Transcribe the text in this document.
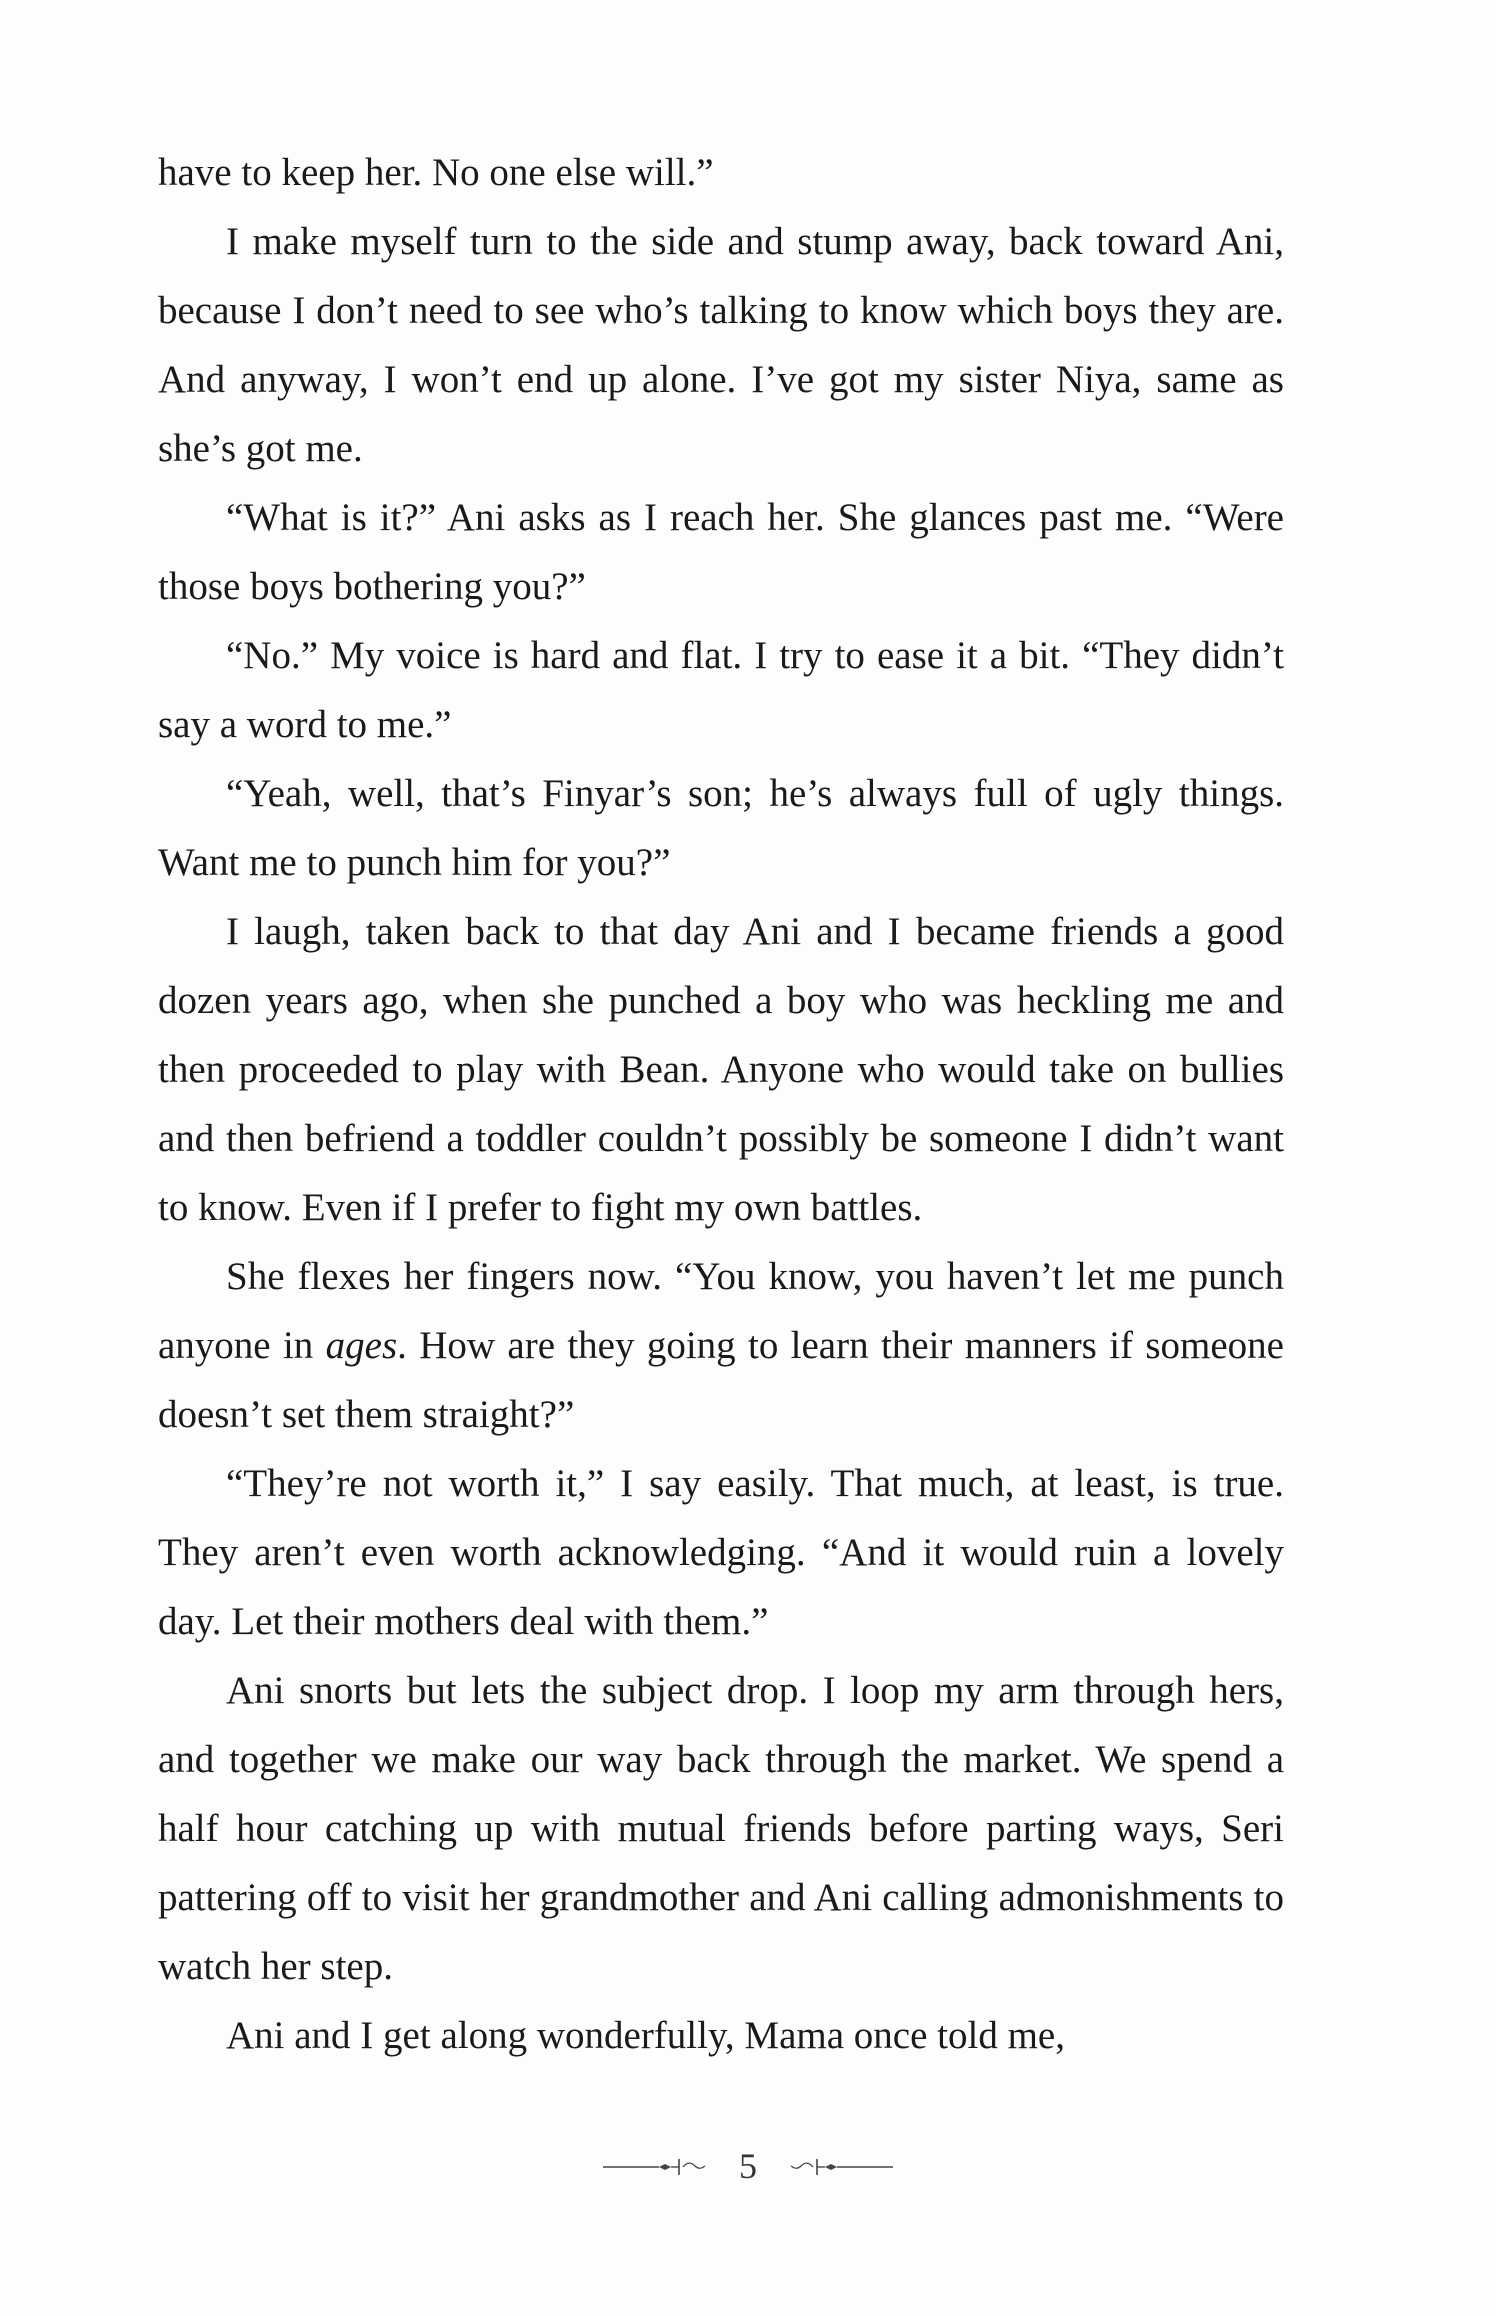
have to keep her. No one else will.”

I make myself turn to the side and stump away, back toward Ani, because I don’t need to see who’s talking to know which boys they are. And anyway, I won’t end up alone. I’ve got my sister Niya, same as she’s got me.

“What is it?” Ani asks as I reach her. She glances past me. “Were those boys bothering you?”

“No.” My voice is hard and flat. I try to ease it a bit. “They didn’t say a word to me.”

“Yeah, well, that’s Finyar’s son; he’s always full of ugly things. Want me to punch him for you?”

I laugh, taken back to that day Ani and I became friends a good dozen years ago, when she punched a boy who was heckling me and then proceeded to play with Bean. Anyone who would take on bullies and then befriend a toddler couldn’t possibly be someone I didn’t want to know. Even if I prefer to fight my own battles.

She flexes her fingers now. “You know, you haven’t let me punch anyone in ages. How are they going to learn their manners if someone doesn’t set them straight?”

“They’re not worth it,” I say easily. That much, at least, is true. They aren’t even worth acknowledging. “And it would ruin a lovely day. Let their mothers deal with them.”

Ani snorts but lets the subject drop. I loop my arm through hers, and together we make our way back through the market. We spend a half hour catching up with mutual friends before parting ways, Seri pattering off to visit her grandmother and Ani calling admonishments to watch her step.

Ani and I get along wonderfully, Mama once told me,

5
